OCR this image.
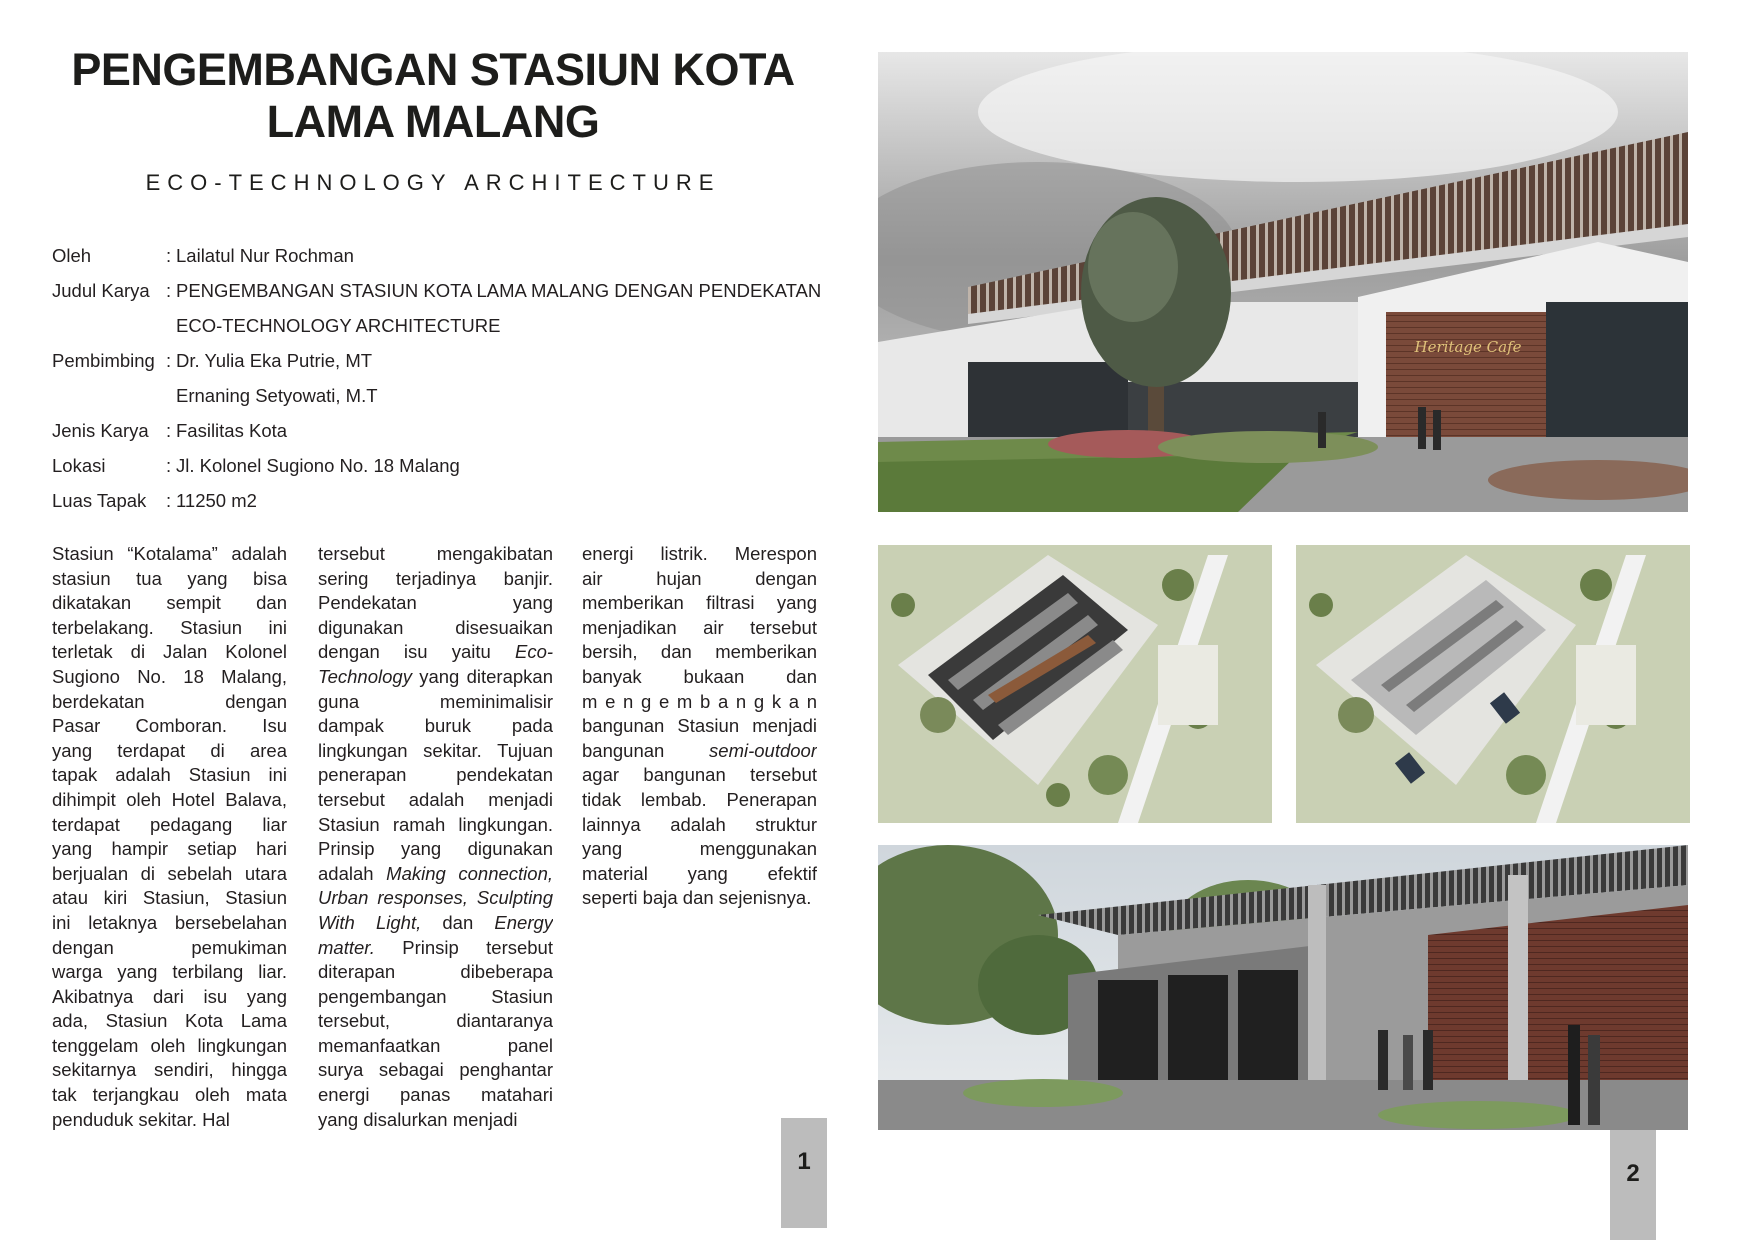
PENGEMBANGAN STASIUN KOTA
LAMA MALANG
ECO-TECHNOLOGY ARCHITECTURE
Oleh	: Lailatul Nur Rochman
Judul Karya : PENGEMBANGAN STASIUN KOTA LAMA MALANG DENGAN PENDEKATAN
ECO-TECHNOLOGY ARCHITECTURE
Pembimbing : Dr. Yulia Eka Putrie, MT
Ernaning Setyowati, M.T
Jenis Karya : Fasilitas Kota
Lokasi	: Jl. Kolonel Sugiono No. 18 Malang
Luas Tapak	: 11250 m2
Stasiun “Kotalama” adalah
stasiun tua yang bisa
dikatakan sempit dan
terbelakang. Stasiun ini
terletak di Jalan Kolonel
Sugiono No. 18 Malang,
berdekatan dengan
Pasar Comboran. Isu
yang terdapat di area
tapak adalah Stasiun ini
dihimpit oleh Hotel Balava,
terdapat pedagang liar
yang hampir setiap hari
berjualan di sebelah utara
atau kiri Stasiun, Stasiun
ini letaknya bersebelahan
dengan pemukiman
warga yang terbilang liar.
Akibatnya dari isu yang
ada, Stasiun Kota Lama
tenggelam oleh lingkungan
sekitarnya sendiri, hingga
tak terjangkau oleh mata
penduduk sekitar. Hal
tersebut mengakibatan
sering terjadinya banjir.
Pendekatan yang
digunakan disesuaikan
dengan isu yaitu Eco-
Technology yang diterapkan
guna meminimalisir
dampak buruk pada
lingkungan sekitar. Tujuan
penerapan pendekatan
tersebut adalah menjadi
Stasiun ramah lingkungan.
Prinsip yang digunakan
adalah Making connection,
Urban responses, Sculpting
With Light, dan Energy
matter. Prinsip tersebut
diterapan dibeberapa
pengembangan Stasiun
tersebut, diantaranya
memanfaatkan panel
surya sebagai penghantar
energi panas matahari
yang disalurkan menjadi
energi listrik. Merespon
air hujan dengan
memberikan filtrasi yang
menjadikan air tersebut
bersih, dan memberikan
banyak bukaan dan
m e n g e m b a n g k a n
bangunan Stasiun menjadi
bangunan semi-outdoor
agar bangunan tersebut
tidak lembab. Penerapan
lainnya adalah struktur
yang menggunakan
material yang efektif
seperti baja dan sejenisnya.
1	2
Heritage Cafe
